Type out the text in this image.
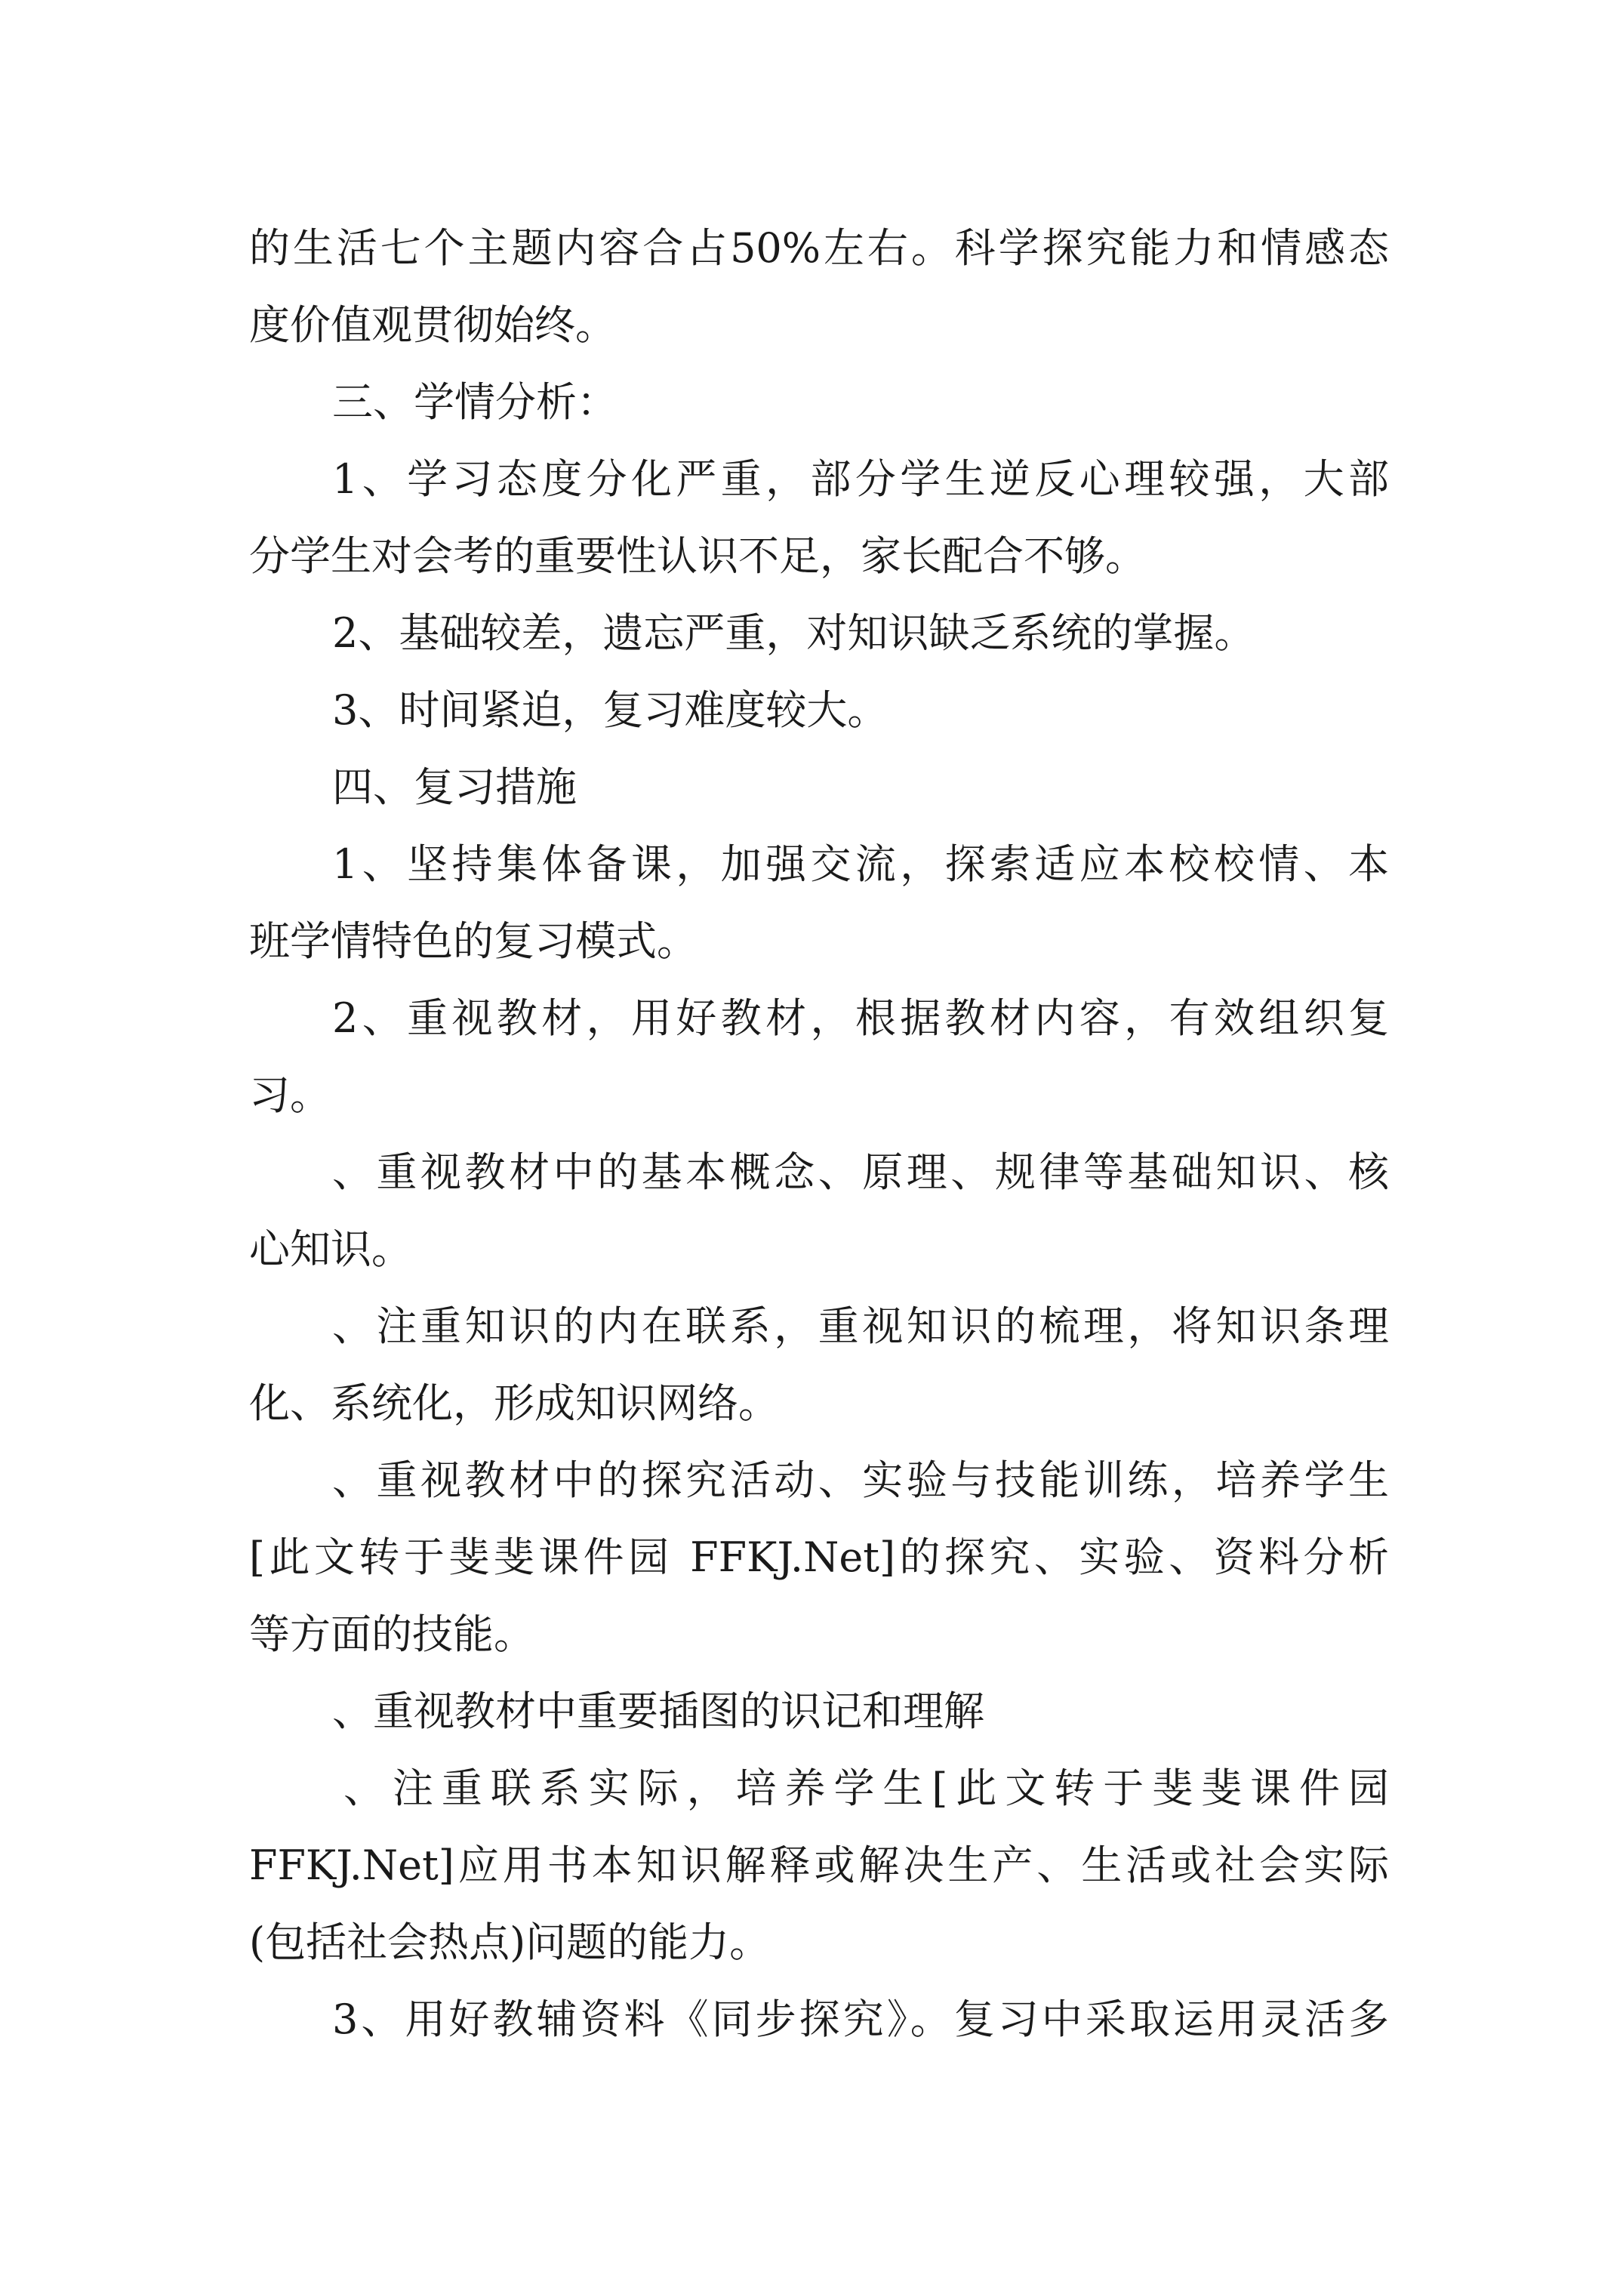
的生活七个主题内容合占50%左右。科学探究能力和情感态
度价值观贯彻始终。
三、学情分析：
1、学习态度分化严重，部分学生逆反心理较强，大部
分学生对会考的重要性认识不足，家长配合不够。
2、基础较差，遗忘严重，对知识缺乏系统的掌握。
3、时间紧迫，复习难度较大。
四、复习措施
1、坚持集体备课，加强交流，探索适应本校校情、本
班学情特色的复习模式。
2、重视教材，用好教材，根据教材内容，有效组织复
习。
、重视教材中的基本概念、原理、规律等基础知识、核
心知识。
、注重知识的内在联系，重视知识的梳理，将知识条理
化、系统化，形成知识网络。
、重视教材中的探究活动、实验与技能训练，培养学生
[此文转于斐斐课件园 FFKJ.Net]的探究、实验、资料分析
等方面的技能。
、重视教材中重要插图的识记和理解
、注重联系实际，培养学生[此文转于斐斐课件园
FFKJ.Net]应用书本知识解释或解决生产、生活或社会实际
(包括社会热点)问题的能力。
3、用好教辅资料《同步探究》。复习中采取运用灵活多
